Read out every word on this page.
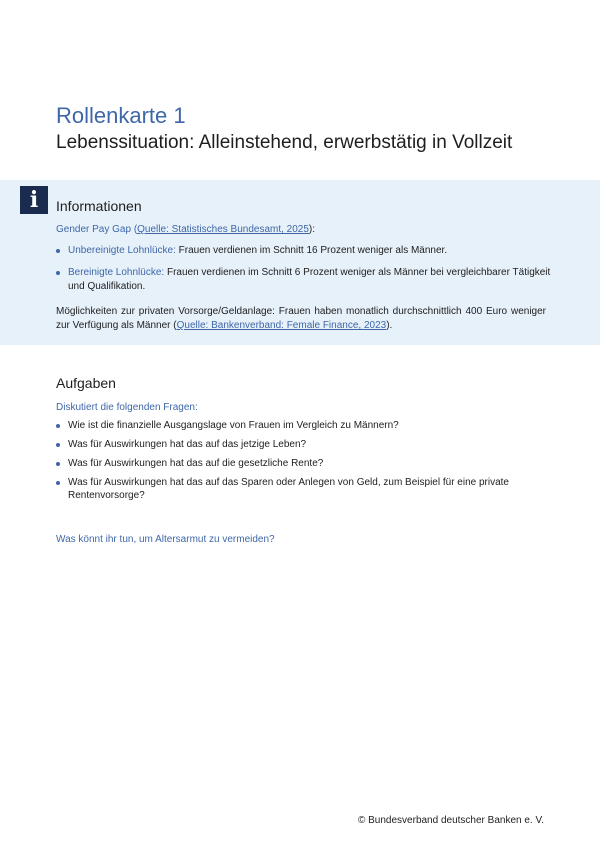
Rollenkarte 1
Lebenssituation: Alleinstehend, erwerbstätig in Vollzeit
i	Informationen
Gender Pay Gap (Quelle: Statistisches Bundesamt, 2025):
Unbereinigte Lohnlücke: Frauen verdienen im Schnitt 16 Prozent weniger als Männer.
Bereinigte Lohnlücke: Frauen verdienen im Schnitt 6 Prozent weniger als Männer bei vergleichbarer Tätigkeit und Qualifikation.
Möglichkeiten zur privaten Vorsorge/Geldanlage: Frauen haben monatlich durchschnittlich 400 Euro weniger zur Verfügung als Männer (Quelle: Bankenverband: Female Finance, 2023).
Aufgaben
Diskutiert die folgenden Fragen:
Wie ist die finanzielle Ausgangslage von Frauen im Vergleich zu Männern?
Was für Auswirkungen hat das auf das jetzige Leben?
Was für Auswirkungen hat das auf die gesetzliche Rente?
Was für Auswirkungen hat das auf das Sparen oder Anlegen von Geld, zum Beispiel für eine private Rentenvorsorge?
Was könnt ihr tun, um Altersarmut zu vermeiden?
© Bundesverband deutscher Banken e. V.
